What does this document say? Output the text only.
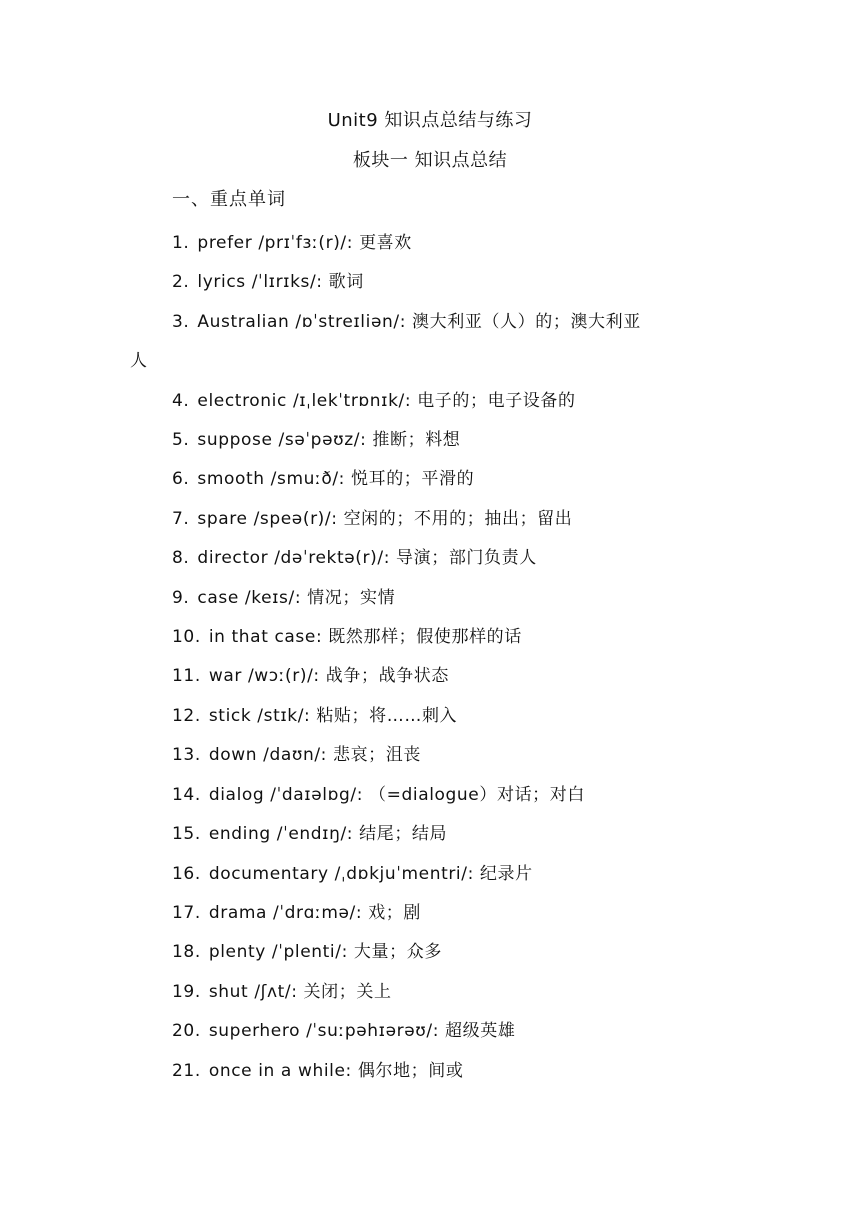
Unit9 知识点总结与练习
板块一 知识点总结
一、重点单词
1. prefer /prɪˈfɜː(r)/: 更喜欢
2. lyrics /ˈlɪrɪks/: 歌词
3. Australian /ɒˈstreɪliən/: 澳大利亚（人）的；澳大利亚
人
4. electronic /ɪˌlekˈtrɒnɪk/: 电子的；电子设备的
5. suppose /səˈpəʊz/: 推断；料想
6. smooth /smuːð/: 悦耳的；平滑的
7. spare /speə(r)/: 空闲的；不用的；抽出；留出
8. director /dəˈrektə(r)/: 导演；部门负责人
9. case /keɪs/: 情况；实情
10. in that case: 既然那样；假使那样的话
11. war /wɔː(r)/: 战争；战争状态
12. stick /stɪk/: 粘贴；将……刺入
13. down /daʊn/: 悲哀；沮丧
14. dialog /ˈdaɪəlɒg/: （=dialogue）对话；对白
15. ending /ˈendɪŋ/: 结尾；结局
16. documentary /ˌdɒkjuˈmentri/: 纪录片
17. drama /ˈdrɑːmə/: 戏；剧
18. plenty /ˈplenti/: 大量；众多
19. shut /ʃʌt/: 关闭；关上
20. superhero /ˈsuːpəhɪərəʊ/: 超级英雄
21. once in a while: 偶尔地；间或
